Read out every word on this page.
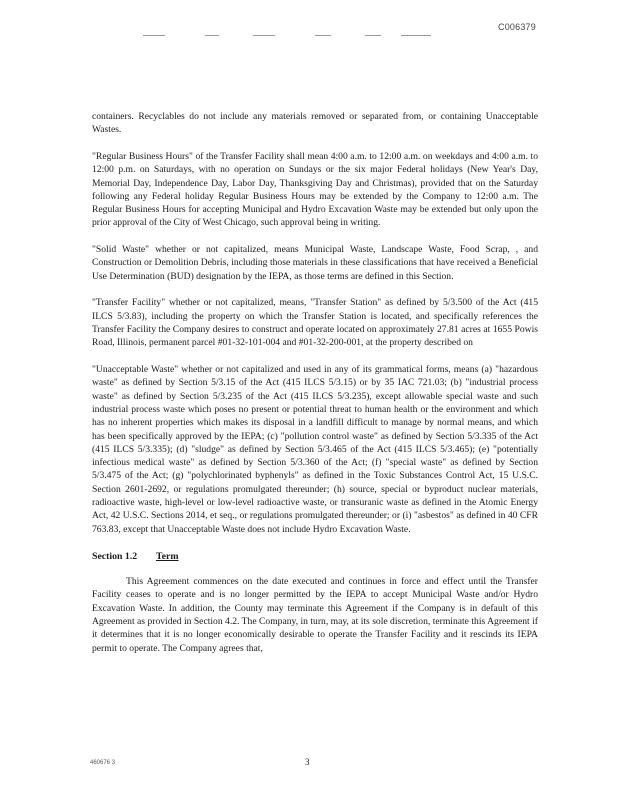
C006379

containers. Recyclables do not include any materials removed or separated from, or containing Unacceptable Wastes.

"Regular Business Hours" of the Transfer Facility shall mean 4:00 a.m. to 12:00 a.m. on weekdays and 4:00 a.m. to 12:00 p.m. on Saturdays, with no operation on Sundays or the six major Federal holidays (New Year's Day, Memorial Day, Independence Day, Labor Day, Thanksgiving Day and Christmas), provided that on the Saturday following any Federal holiday Regular Business Hours may be extended by the Company to 12:00 a.m. The Regular Business Hours for accepting Municipal and Hydro Excavation Waste may be extended but only upon the prior approval of the City of West Chicago, such approval being in writing.

"Solid Waste" whether or not capitalized, means Municipal Waste, Landscape Waste, Food Scrap, , and Construction or Demolition Debris, including those materials in these classifications that have received a Beneficial Use Determination (BUD) designation by the IEPA, as those terms are defined in this Section.

"Transfer Facility" whether or not capitalized, means, "Transfer Station" as defined by 5/3.500 of the Act (415 ILCS 5/3.83), including the property on which the Transfer Station is located, and specifically references the Transfer Facility the Company desires to construct and operate located on approximately 27.81 acres at 1655 Powis Road, Illinois, permanent parcel #01-32-101-004 and #01-32-200-001, at the property described on

"Unacceptable Waste" whether or not capitalized and used in any of its grammatical forms, means (a) "hazardous waste" as defined by Section 5/3.15 of the Act (415 ILCS 5/3.15) or by 35 IAC 721.03; (b) "industrial process waste" as defined by Section 5/3.235 of the Act (415 ILCS 5/3.235), except allowable special waste and such industrial process waste which poses no present or potential threat to human health or the environment and which has no inherent properties which makes its disposal in a landfill difficult to manage by normal means, and which has been specifically approved by the IEPA; (c) "pollution control waste" as defined by Section 5/3.335 of the Act (415 ILCS 5/3.335); (d) "sludge" as defined by Section 5/3.465 of the Act (415 ILCS 5/3.465); (e) "potentially infectious medical waste" as defined by Section 5/3.360 of the Act; (f) "special waste" as defined by Section 5/3.475 of the Act; (g) "polychlorinated byphenyls" as defined in the Toxic Substances Control Act, 15 U.S.C. Section 2601-2692, or regulations promulgated thereunder; (h) source, special or byproduct nuclear materials, radioactive waste, high-level or low-level radioactive waste, or transuranic waste as defined in the Atomic Energy Act, 42 U.S.C. Sections 2014, et seq., or regulations promulgated thereunder; or (i) "asbestos" as defined in 40 CFR 763.83, except that Unacceptable Waste does not include Hydro Excavation Waste.

Section 1.2 Term

This Agreement commences on the date executed and continues in force and effect until the Transfer Facility ceases to operate and is no longer permitted by the IEPA to accept Municipal Waste and/or Hydro Excavation Waste. In addition, the County may terminate this Agreement if the Company is in default of this Agreement as provided in Section 4.2. The Company, in turn, may, at its sole discretion, terminate this Agreement if it determines that it is no longer economically desirable to operate the Transfer Facility and it rescinds its IEPA permit to operate. The Company agrees that,

460676 3	3
